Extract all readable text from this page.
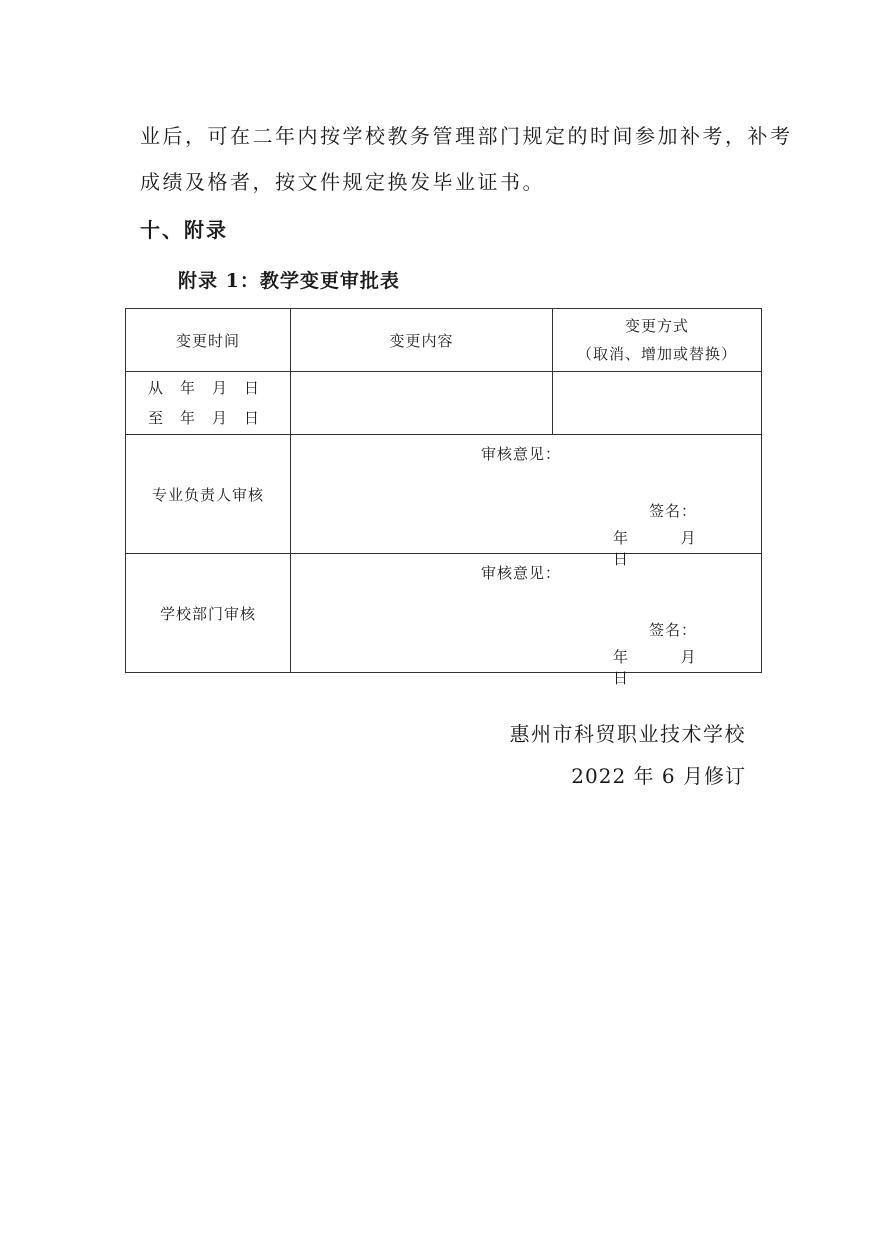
业后，可在二年内按学校教务管理部门规定的时间参加补考，补考
成绩及格者，按文件规定换发毕业证书。
十、附录
附录 1：教学变更审批表
变更时间	变更内容	变更方式
（取消、增加或替换）

从　年　月　日
至　年　月　日		

专业负责人审核	审核意见：
签名：
年 月  日	

学校部门审核	审核意见：
签名：
年 月  日	
惠州市科贸职业技术学校
2022 年 6 月修订
